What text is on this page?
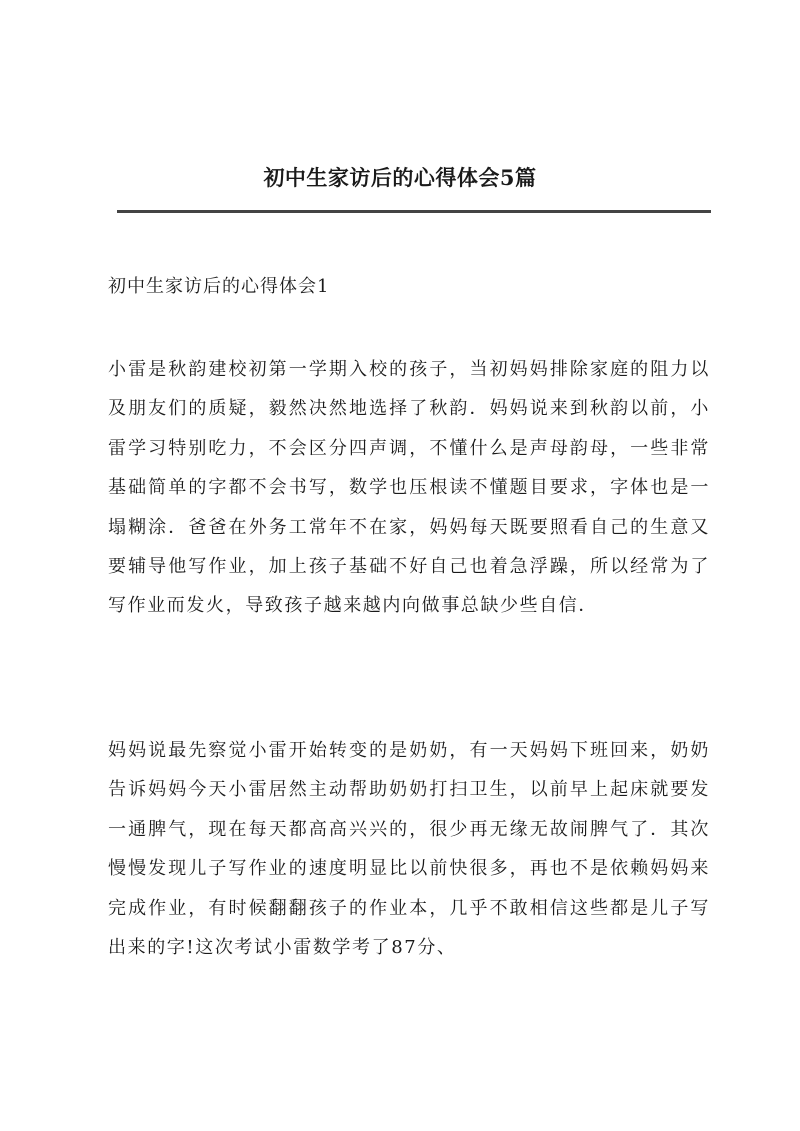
初中生家访后的心得体会5篇
初中生家访后的心得体会1

小雷是秋韵建校初第一学期入校的孩子，当初妈妈排除家庭的阻力以及朋友们的质疑，毅然决然地选择了秋韵．妈妈说来到秋韵以前，小雷学习特别吃力，不会区分四声调，不懂什么是声母韵母，一些非常基础简单的字都不会书写，数学也压根读不懂题目要求，字体也是一塌糊涂．爸爸在外务工常年不在家，妈妈每天既要照看自己的生意又要辅导他写作业，加上孩子基础不好自己也着急浮躁，所以经常为了写作业而发火，导致孩子越来越内向做事总缺少些自信．

妈妈说最先察觉小雷开始转变的是奶奶，有一天妈妈下班回来，奶奶告诉妈妈今天小雷居然主动帮助奶奶打扫卫生，以前早上起床就要发一通脾气，现在每天都高高兴兴的，很少再无缘无故闹脾气了．其次慢慢发现儿子写作业的速度明显比以前快很多，再也不是依赖妈妈来完成作业，有时候翻翻孩子的作业本，几乎不敢相信这些都是儿子写出来的字!这次考试小雷数学考了87分、
